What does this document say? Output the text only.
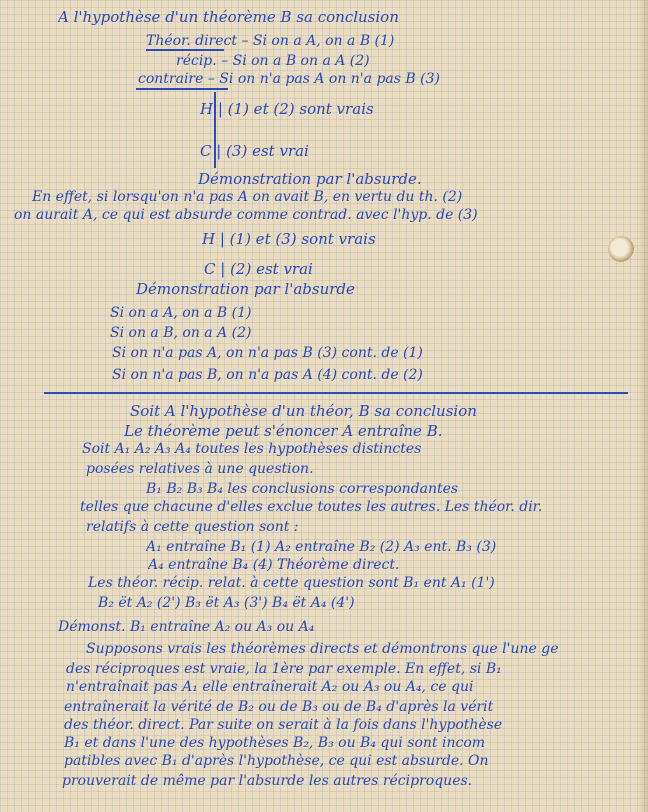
A l'hypothèse d'un théorème B sa conclusion
Théor. direct – Si on a A, on a B (1)
récip. – Si on a B on a A (2)
contraire – Si on n'a pas A on n'a pas B (3)
H | (1) et (2) sont vrais
C | (3) est vrai
Démonstration par l'absurde.
En effet, si lorsqu'on n'a pas A on avait B, en vertu du th. (2)
on aurait A, ce qui est absurde comme contrad. avec l'hyp. de (3)
H | (1) et (3) sont vrais
C | (2) est vrai
Démonstration par l'absurde
Si on a A, on a B (1)
Si on a B, on a A (2)
Si on n'a pas A, on n'a pas B (3) cont. de (1)
Si on n'a pas B, on n'a pas A (4) cont. de (2)
Soit A l'hypothèse d'un théor, B sa conclusion
Le théorème peut s'énoncer A entraîne B.
Soit A₁ A₂ A₃ A₄ toutes les hypothèses distinctes
posées relatives à une question.
B₁ B₂ B₃ B₄ les conclusions correspondantes
telles que chacune d'elles exclue toutes les autres. Les théor. dir.
relatifs à cette question sont :
A₁ entraîne B₁ (1) A₂ entraîne B₂ (2) A₃ ent. B₃ (3)
A₄ entraîne B₄ (4) Théorème direct.
Les théor. récip. relat. à cette question sont B₁ ent A₁ (1')
B₂ ët A₂ (2') B₃ ët A₃ (3') B₄ ët A₄ (4')
Démonst. B₁ entraîne A₂ ou A₃ ou A₄
Supposons vrais les théorèmes directs et démontrons que l'une ge
des réciproques est vraie, la 1ère par exemple. En effet, si B₁
n'entraînait pas A₁ elle entraînerait A₂ ou A₃ ou A₄, ce qui
entraînerait la vérité de B₂ ou de B₃ ou de B₄ d'après la vérit
des théor. direct. Par suite on serait à la fois dans l'hypothèse
B₁ et dans l'une des hypothèses B₂, B₃ ou B₄ qui sont incom
patibles avec B₁ d'après l'hypothèse, ce qui est absurde. On
prouverait de même par l'absurde les autres réciproques.
